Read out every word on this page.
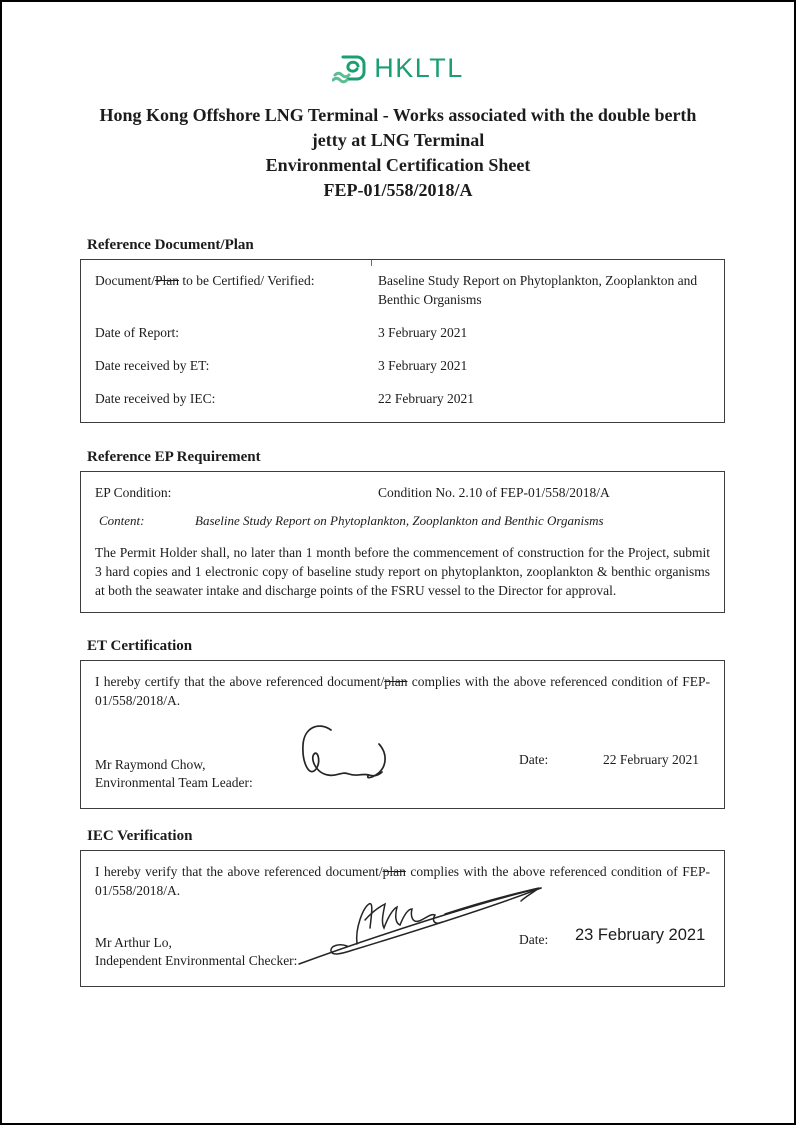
HKLTL
Hong Kong Offshore LNG Terminal - Works associated with the double berth
jetty at LNG Terminal
Environmental Certification Sheet
FEP-01/558/2018/A
Reference Document/Plan
Document/Plan to be Certified/ Verified:	Baseline Study Report on Phytoplankton, Zooplankton and Benthic Organisms
Date of Report:	3 February 2021
Date received by ET:	3 February 2021
Date received by IEC:	22 February 2021
Reference EP Requirement
EP Condition:	Condition No. 2.10 of FEP-01/558/2018/A
Content:	Baseline Study Report on Phytoplankton, Zooplankton and Benthic Organisms
The Permit Holder shall, no later than 1 month before the commencement of construction for the Project, submit 3 hard copies and 1 electronic copy of baseline study report on phytoplankton, zooplankton & benthic organisms at both the seawater intake and discharge points of the FSRU vessel to the Director for approval.
ET Certification
I hereby certify that the above referenced document/plan complies with the above referenced condition of FEP-01/558/2018/A.
Mr Raymond Chow,
Environmental Team Leader:
Date:	22 February 2021
IEC Verification
I hereby verify that the above referenced document/plan complies with the above referenced condition of FEP-01/558/2018/A.
Mr Arthur Lo,
Independent Environmental Checker:
Date: 23 February 2021
